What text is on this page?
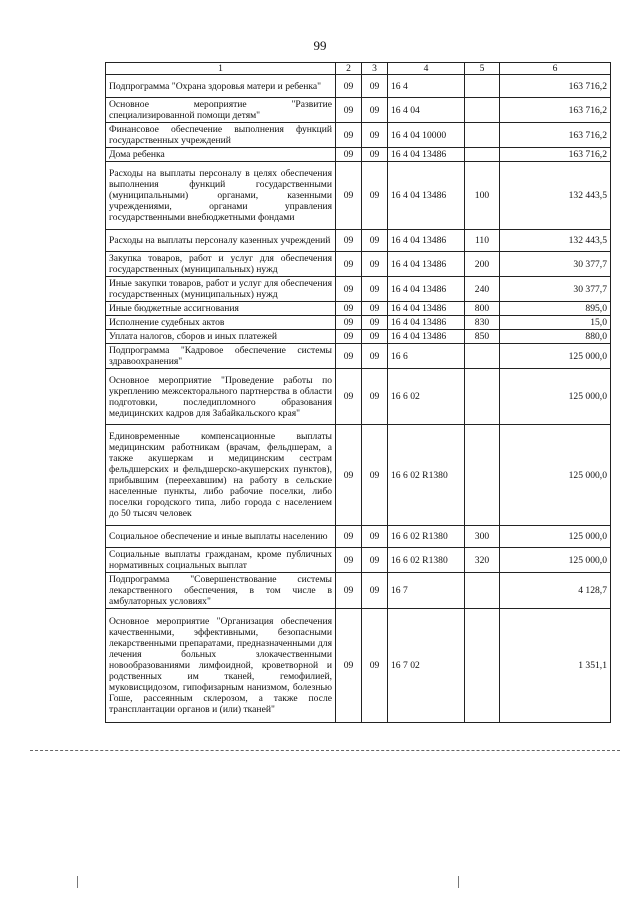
99
1	2	3	4	5	6
Подпрограмма "Охрана здоровья матери и ребенка"	09	09	16 4		163 716,2
Основное мероприятие "Развитие специализированной помощи детям"	09	09	16 4 04		163 716,2
Финансовое обеспечение выполнения функций государственных учреждений	09	09	16 4 04 10000		163 716,2
Дома ребенка	09	09	16 4 04 13486		163 716,2
Расходы на выплаты персоналу в целях обеспечения выполнения функций государственными (муниципальными) органами, казенными учреждениями, органами управления государственными внебюджетными фондами	09	09	16 4 04 13486	100	132 443,5
Расходы на выплаты персоналу казенных учреждений	09	09	16 4 04 13486	110	132 443,5
Закупка товаров, работ и услуг для обеспечения государственных (муниципальных) нужд	09	09	16 4 04 13486	200	30 377,7
Иные закупки товаров, работ и услуг для обеспечения государственных (муниципальных) нужд	09	09	16 4 04 13486	240	30 377,7
Иные бюджетные ассигнования	09	09	16 4 04 13486	800	895,0
Исполнение судебных актов	09	09	16 4 04 13486	830	15,0
Уплата налогов, сборов и иных платежей	09	09	16 4 04 13486	850	880,0
Подпрограмма "Кадровое обеспечение системы здравоохранения"	09	09	16 6		125 000,0
Основное мероприятие "Проведение работы по укреплению межсекторального партнерства в области подготовки, последипломного образования медицинских кадров для Забайкальского края"	09	09	16 6 02		125 000,0
Единовременные компенсационные выплаты медицинским работникам (врачам, фельдшерам, а также акушеркам и медицинским сестрам фельдшерских и фельдшерско-акушерских пунктов), прибывшим (переехавшим) на работу в сельские населенные пункты, либо рабочие поселки, либо поселки городского типа, либо города с населением до 50 тысяч человек	09	09	16 6 02 R1380		125 000,0
Социальное обеспечение и иные выплаты населению	09	09	16 6 02 R1380	300	125 000,0
Социальные выплаты гражданам, кроме публичных нормативных социальных выплат	09	09	16 6 02 R1380	320	125 000,0
Подпрограмма "Совершенствование системы лекарственного обеспечения, в том числе в амбулаторных условиях"	09	09	16 7		4 128,7
Основное мероприятие "Организация обеспечения качественными, эффективными, безопасными лекарственными препаратами, предназначенными для лечения больных злокачественными новообразованиями лимфоидной, кроветворной и родственных им тканей, гемофилией, муковисцидозом, гипофизарным нанизмом, болезнью Гоше, рассеянным склерозом, а также после трансплантации органов и (или) тканей"	09	09	16 7 02		1 351,1
